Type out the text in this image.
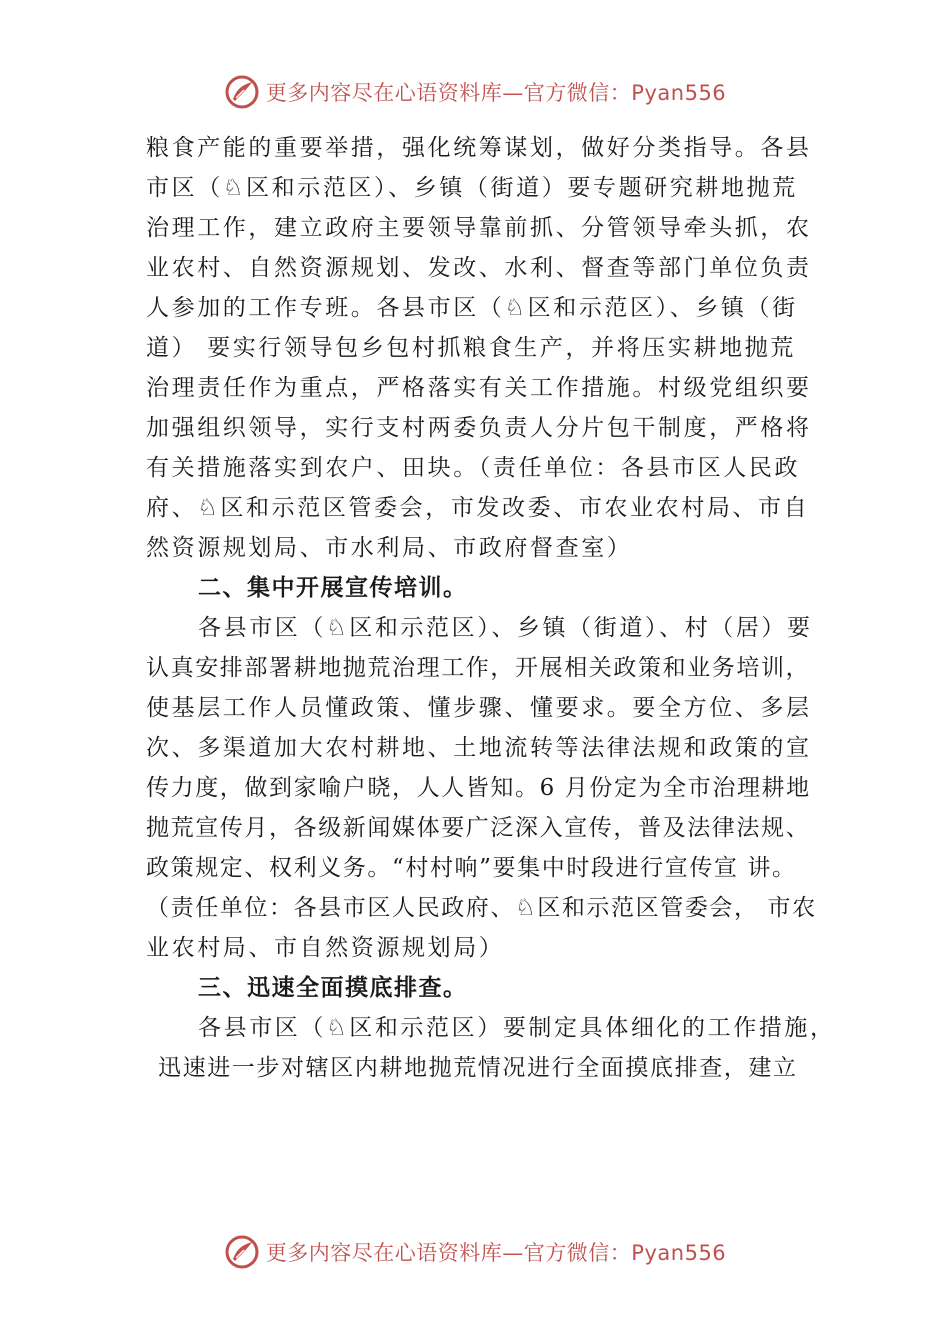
更多内容尽在心语资料库—官方微信：Pyan556
粮食产能的重要举措，强化统筹谋划，做好分类指导。各县
市区（♘区和示范区）、乡镇（街道）要专题研究耕地抛荒
治理工作，建立政府主要领导靠前抓、分管领导牵头抓，农
业农村、自然资源规划、发改、水利、督查等部门单位负责
人参加的工作专班。各县市区（♘区和示范区）、乡镇（街
道） 要实行领导包乡包村抓粮食生产，并将压实耕地抛荒
治理责任作为重点，严格落实有关工作措施。村级党组织要
加强组织领导，实行支村两委负责人分片包干制度，严格将
有关措施落实到农户、田块。（责任单位：各县市区人民政
府、♘区和示范区管委会，市发改委、市农业农村局、市自
然资源规划局、市水利局、市政府督查室）
二、集中开展宣传培训。
各县市区（♘区和示范区）、乡镇（街道）、村（居）要
认真安排部署耕地抛荒治理工作，开展相关政策和业务培训，
使基层工作人员懂政策、懂步骤、懂要求。要全方位、多层
次、多渠道加大农村耕地、土地流转等法律法规和政策的宣
传力度，做到家喻户晓，人人皆知。6 月份定为全市治理耕地
抛荒宣传月，各级新闻媒体要广泛深入宣传，普及法律法规、
政策规定、权利义务。“村村响”要集中时段进行宣传宣 讲。
（责任单位：各县市区人民政府、♘区和示范区管委会， 市农
业农村局、市自然资源规划局）
三、迅速全面摸底排查。
各县市区（♘区和示范区）要制定具体细化的工作措施，
迅速进一步对辖区内耕地抛荒情况进行全面摸底排查，建立
更多内容尽在心语资料库—官方微信：Pyan556
